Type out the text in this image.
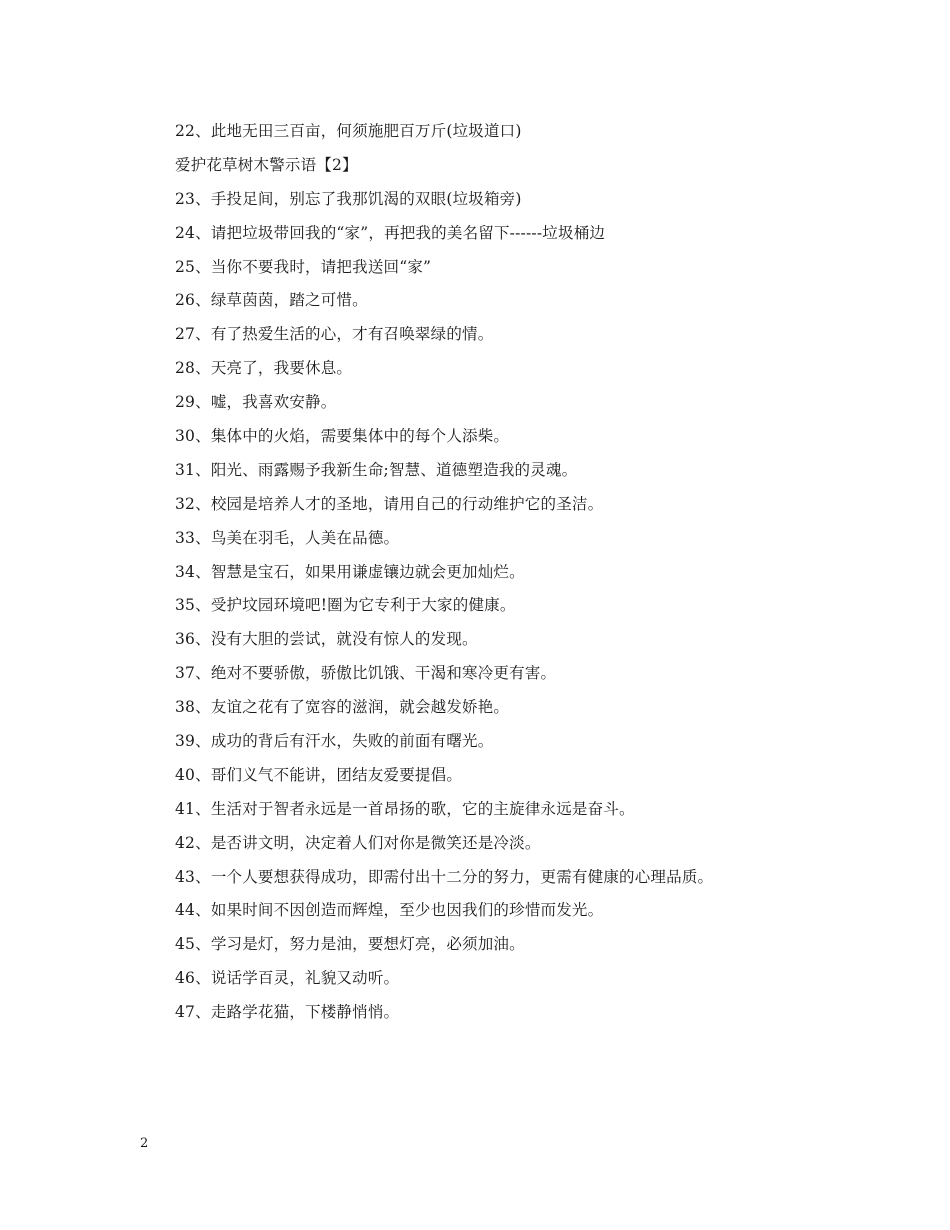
22、此地无田三百亩，何须施肥百万斤(垃圾道口)
爱护花草树木警示语【2】
23、手投足间，别忘了我那饥渴的双眼(垃圾箱旁)
24、请把垃圾带回我的“家”，再把我的美名留下------垃圾桶边
25、当你不要我时，请把我送回“家”
26、绿草茵茵，踏之可惜。
27、有了热爱生活的心，才有召唤翠绿的情。
28、天亮了，我要休息。
29、嘘，我喜欢安静。
30、集体中的火焰，需要集体中的每个人添柴。
31、阳光、雨露赐予我新生命;智慧、道德塑造我的灵魂。
32、校园是培养人才的圣地，请用自己的行动维护它的圣洁。
33、鸟美在羽毛，人美在品德。
34、智慧是宝石，如果用谦虚镶边就会更加灿烂。
35、受护坟园环境吧!圈为它专利于大家的健康。
36、没有大胆的尝试，就没有惊人的发现。
37、绝对不要骄傲，骄傲比饥饿、干渴和寒冷更有害。
38、友谊之花有了宽容的滋润，就会越发娇艳。
39、成功的背后有汗水，失败的前面有曙光。
40、哥们义气不能讲，团结友爱要提倡。
41、生活对于智者永远是一首昂扬的歌，它的主旋律永远是奋斗。
42、是否讲文明，决定着人们对你是微笑还是冷淡。
43、一个人要想获得成功，即需付出十二分的努力，更需有健康的心理品质。
44、如果时间不因创造而辉煌，至少也因我们的珍惜而发光。
45、学习是灯，努力是油，要想灯亮，必须加油。
46、说话学百灵，礼貌又动听。
47、走路学花猫，下楼静悄悄。
2
